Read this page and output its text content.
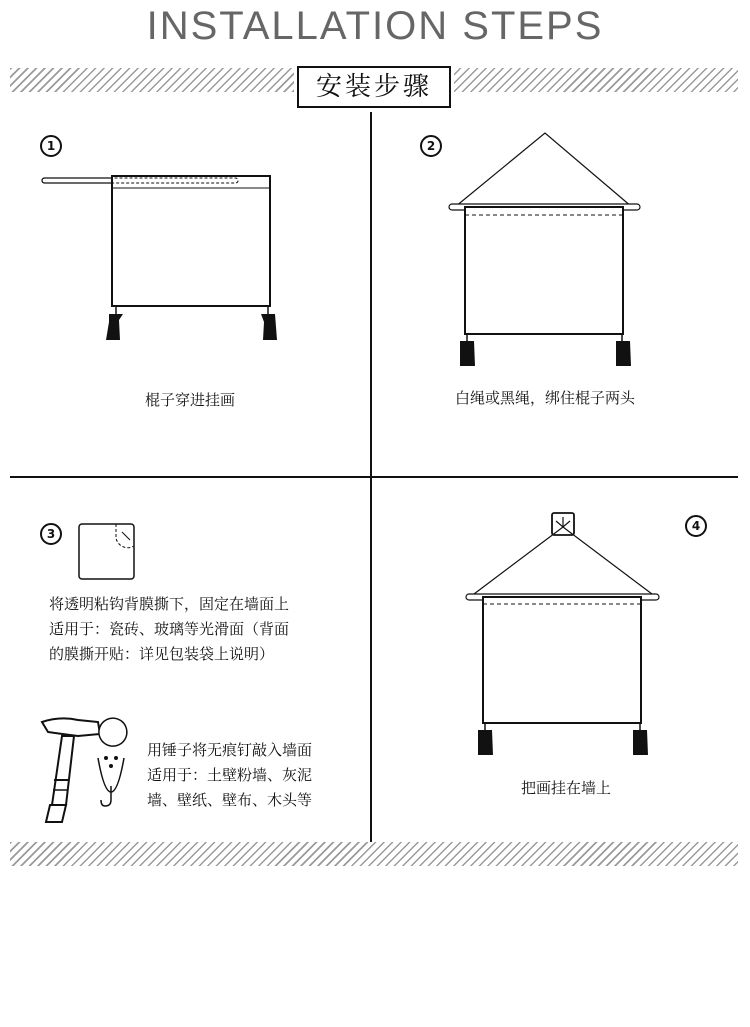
INSTALLATION STEPS
安装步骤
1	2
3
4
棍子穿进挂画	白绳或黑绳，绑住棍子两头
将透明粘钩背膜撕下，固定在墙面上
适用于：瓷砖、玻璃等光滑面（背面
的膜撕开贴：详见包装袋上说明）
用锤子将无痕钉敲入墙面
适用于：土壁粉墙、灰泥
墙、壁纸、壁布、木头等
把画挂在墙上
